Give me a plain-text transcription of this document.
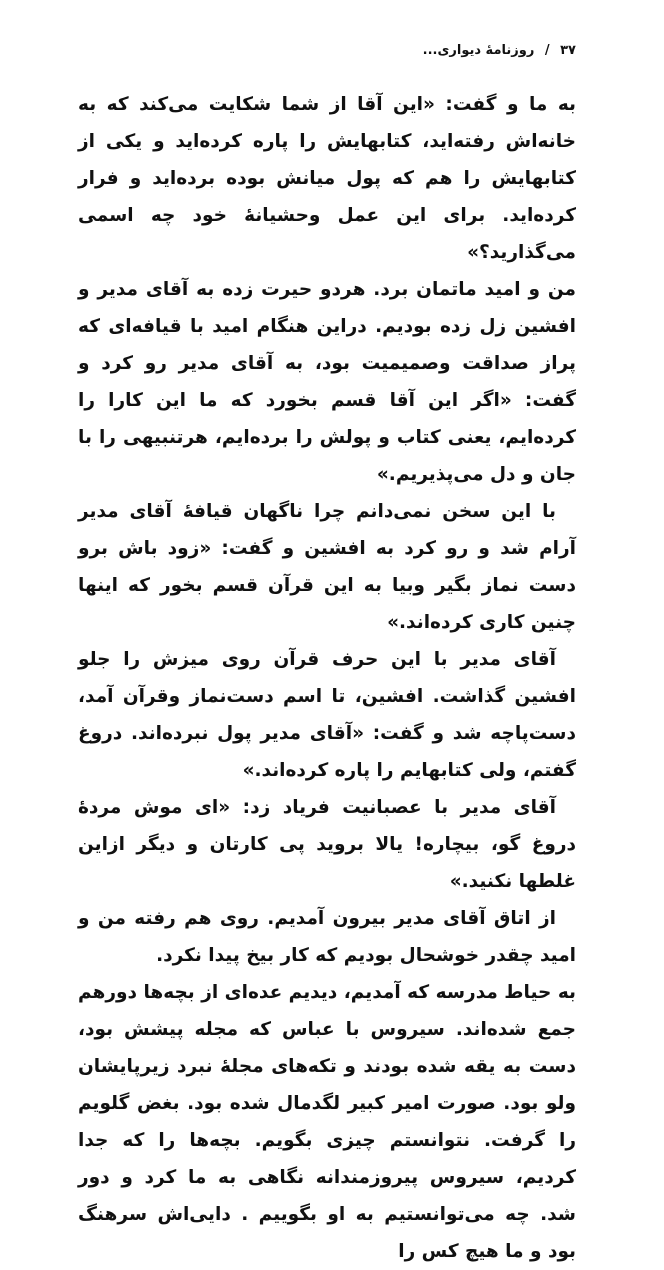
۳۷ / روزنامهٔ دیواری...

به ما و گفت: «این آقا از شما شکایت می‌کند که به خانه‌اش رفته‌اید، کتابهایش را پاره کرده‌اید و یکی از کتابهایش را هم که پول میانش بوده برده‌اید و فرار کرده‌اید. برای این عمل وحشیانهٔ خود چه اسمی می‌گذارید؟»

من و امید ماتمان برد. هردو حیرت زده به آقای مدیر و افشین زل زده بودیم. دراین هنگام امید با قیافه‌ای که پراز صداقت وصمیمیت بود، به آقای مدیر رو کرد و گفت: «اگر این آقا قسم بخورد که ما این کارا را کرده‌ایم، یعنی کتاب و پولش را برده‌ایم، هرتنبیهی را با جان و دل می‌پذیریم.»

با این سخن نمی‌دانم چرا ناگهان قیافهٔ آقای مدیر آرام شد و رو کرد به افشین و گفت: «زود باش برو دست نماز بگیر وبیا به این قرآن قسم بخور که اینها چنین کاری کرده‌اند.»

آقای مدیر با این حرف قرآن روی میزش را جلو افشین گذاشت. افشین، تا اسم دست‌نماز وقرآن آمد، دست‌پاچه شد و گفت: «آقای مدیر پول نبرده‌اند. دروغ گفتم، ولی کتابهایم را پاره کرده‌اند.»

آقای مدیر با عصبانیت فریاد زد: «ای موش مردهٔ دروغ گو، بیچاره! یالا بروید پی کارتان و دیگر ازاین غلطها نکنید.»

از اتاق آقای مدیر بیرون آمدیم. روی هم رفته من و امید چقدر خوشحال بودیم که کار بیخ پیدا نکرد.

به حیاط مدرسه که آمدیم، دیدیم عده‌ای از بچه‌ها دورهم جمع شده‌اند. سیروس با عباس که مجله پیشش بود، دست به یقه شده بودند و تکه‌های مجلهٔ نبرد زیرپایشان ولو بود. صورت امیر کبیر لگدمال شده بود. بغض گلویم را گرفت. نتوانستم چیزی بگویم. بچه‌ها را که جدا کردیم، سیروس پیروزمندانه نگاهی به ما کرد و دور شد. چه می‌توانستیم به او بگوییم . دایی‌اش سرهنگ بود و ما هیچ کس را
